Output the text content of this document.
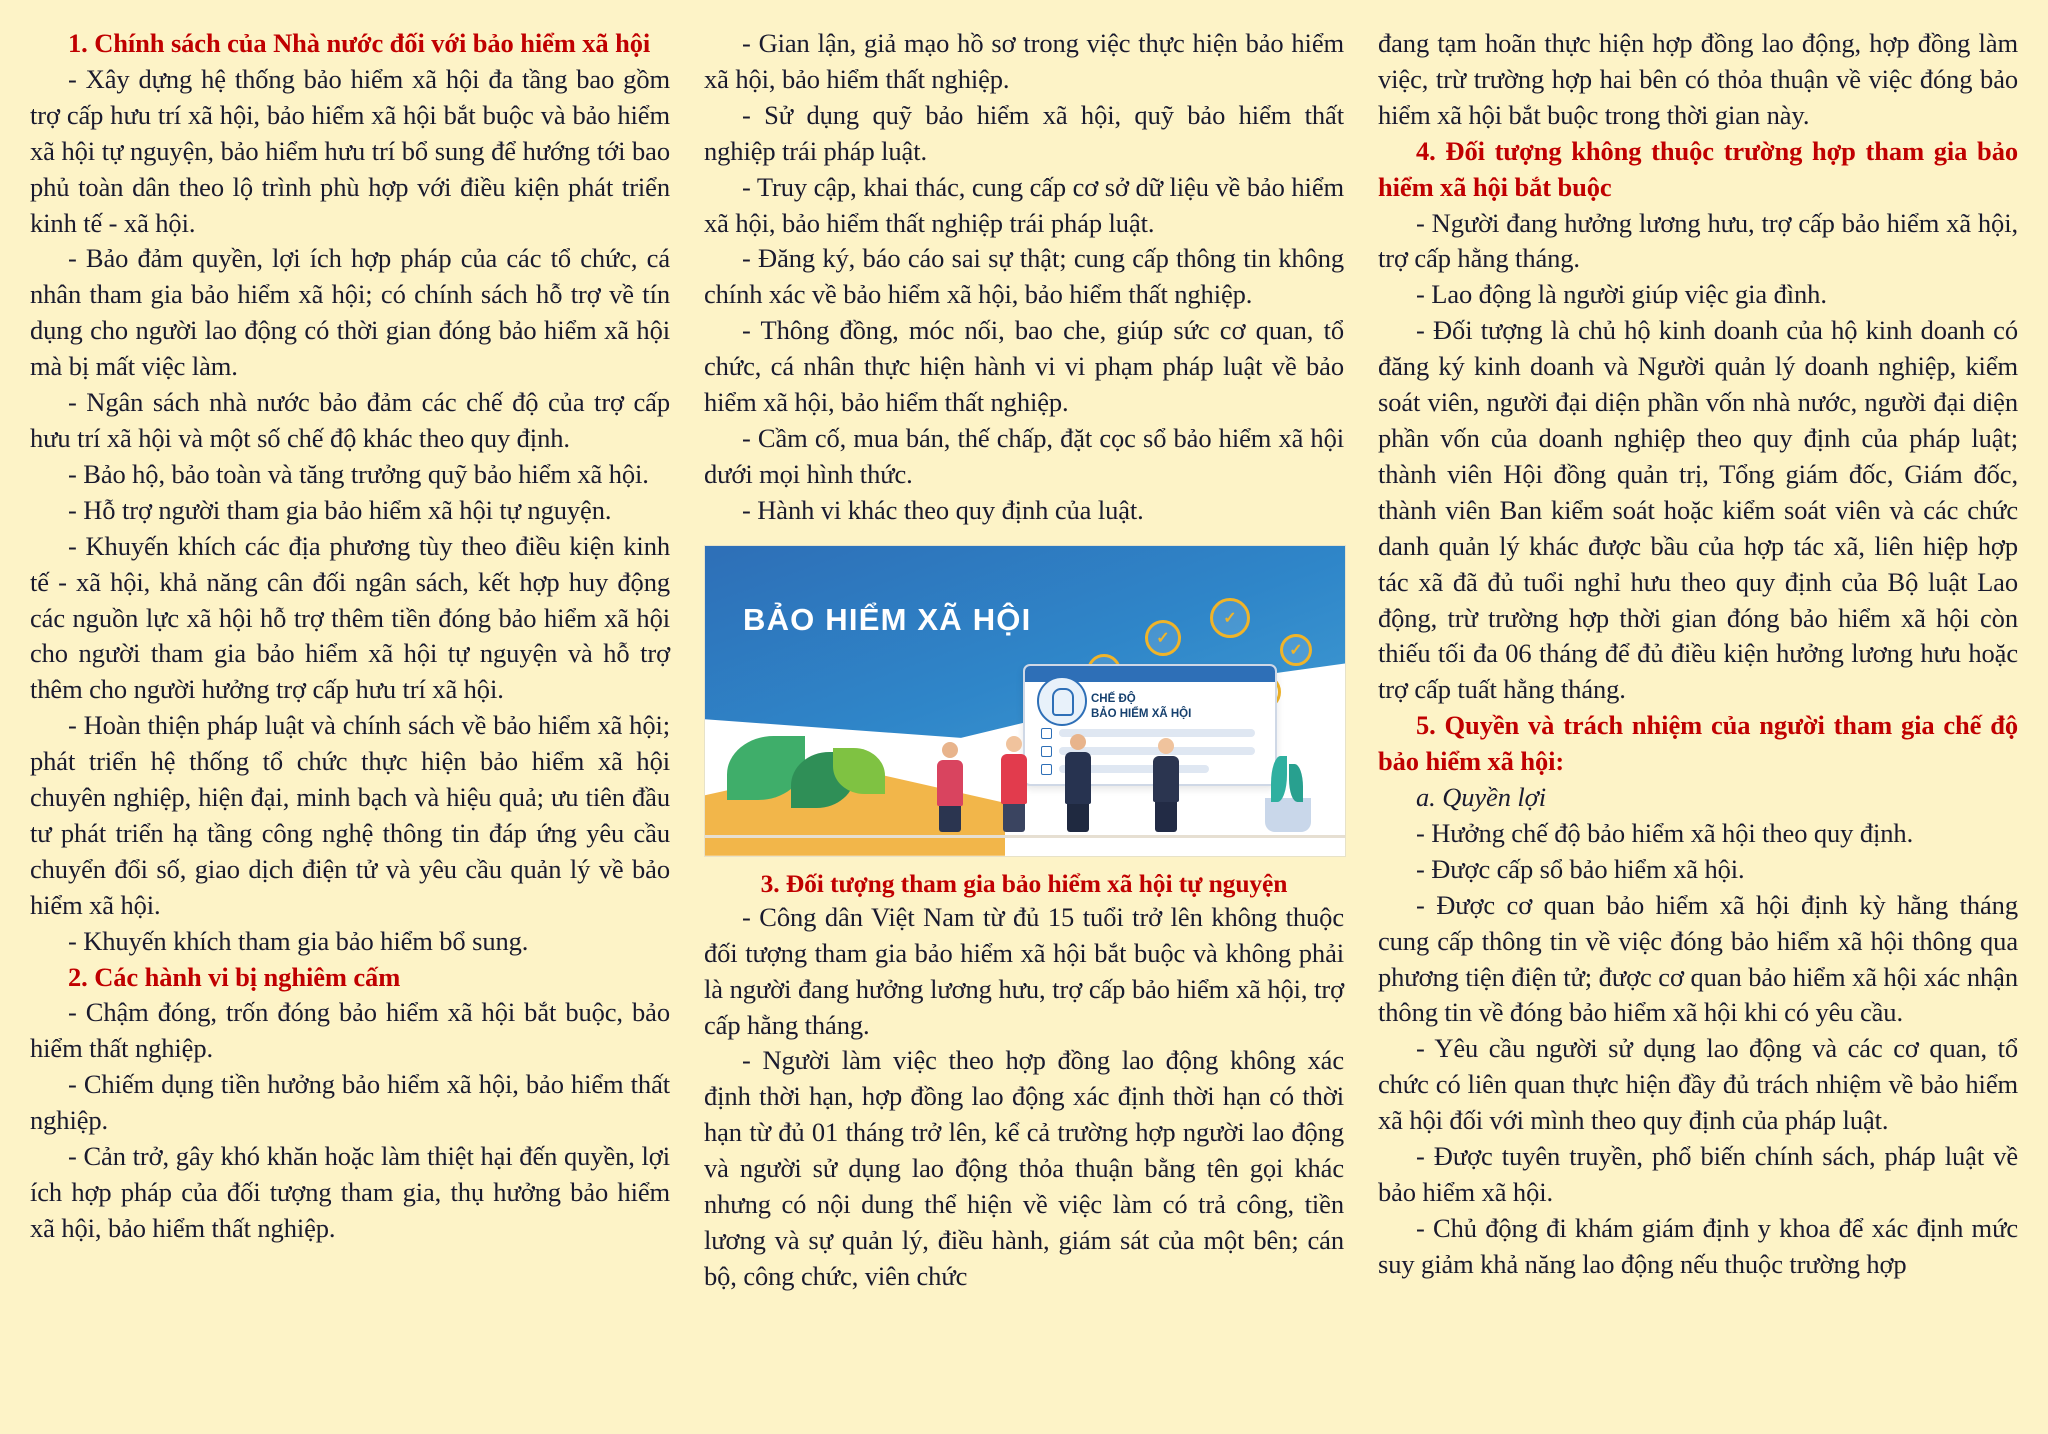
1. Chính sách của Nhà nước đối với bảo hiểm xã hội

- Xây dựng hệ thống bảo hiểm xã hội đa tầng bao gồm trợ cấp hưu trí xã hội, bảo hiểm xã hội bắt buộc và bảo hiểm xã hội tự nguyện, bảo hiểm hưu trí bổ sung để hướng tới bao phủ toàn dân theo lộ trình phù hợp với điều kiện phát triển kinh tế - xã hội.

- Bảo đảm quyền, lợi ích hợp pháp của các tổ chức, cá nhân tham gia bảo hiểm xã hội; có chính sách hỗ trợ về tín dụng cho người lao động có thời gian đóng bảo hiểm xã hội mà bị mất việc làm.

- Ngân sách nhà nước bảo đảm các chế độ của trợ cấp hưu trí xã hội và một số chế độ khác theo quy định.

- Bảo hộ, bảo toàn và tăng trưởng quỹ bảo hiểm xã hội.

- Hỗ trợ người tham gia bảo hiểm xã hội tự nguyện.

- Khuyến khích các địa phương tùy theo điều kiện kinh tế - xã hội, khả năng cân đối ngân sách, kết hợp huy động các nguồn lực xã hội hỗ trợ thêm tiền đóng bảo hiểm xã hội cho người tham gia bảo hiểm xã hội tự nguyện và hỗ trợ thêm cho người hưởng trợ cấp hưu trí xã hội.

- Hoàn thiện pháp luật và chính sách về bảo hiểm xã hội; phát triển hệ thống tổ chức thực hiện bảo hiểm xã hội chuyên nghiệp, hiện đại, minh bạch và hiệu quả; ưu tiên đầu tư phát triển hạ tầng công nghệ thông tin đáp ứng yêu cầu chuyển đổi số, giao dịch điện tử và yêu cầu quản lý về bảo hiểm xã hội.

- Khuyến khích tham gia bảo hiểm bổ sung.

2. Các hành vi bị nghiêm cấm

- Chậm đóng, trốn đóng bảo hiểm xã hội bắt buộc, bảo hiểm thất nghiệp.

- Chiếm dụng tiền hưởng bảo hiểm xã hội, bảo hiểm thất nghiệp.

- Cản trở, gây khó khăn hoặc làm thiệt hại đến quyền, lợi ích hợp pháp của đối tượng tham gia, thụ hưởng bảo hiểm xã hội, bảo hiểm thất nghiệp.

- Gian lận, giả mạo hồ sơ trong việc thực hiện bảo hiểm xã hội, bảo hiểm thất nghiệp.

- Sử dụng quỹ bảo hiểm xã hội, quỹ bảo hiểm thất nghiệp trái pháp luật.

- Truy cập, khai thác, cung cấp cơ sở dữ liệu về bảo hiểm xã hội, bảo hiểm thất nghiệp trái pháp luật.

- Đăng ký, báo cáo sai sự thật; cung cấp thông tin không chính xác về bảo hiểm xã hội, bảo hiểm thất nghiệp.

- Thông đồng, móc nối, bao che, giúp sức cơ quan, tổ chức, cá nhân thực hiện hành vi vi phạm pháp luật về bảo hiểm xã hội, bảo hiểm thất nghiệp.

- Cầm cố, mua bán, thế chấp, đặt cọc sổ bảo hiểm xã hội dưới mọi hình thức.

- Hành vi khác theo quy định của luật.

BẢO HIỂM XÃ HỘI
✓
✓
✓
✓
✓
CHẾ ĐỘ
BẢO HIỂM XÃ HỘI

3. Đối tượng tham gia bảo hiểm xã hội tự nguyện

- Công dân Việt Nam từ đủ 15 tuổi trở lên không thuộc đối tượng tham gia bảo hiểm xã hội bắt buộc và không phải là người đang hưởng lương hưu, trợ cấp bảo hiểm xã hội, trợ cấp hằng tháng.

- Người làm việc theo hợp đồng lao động không xác định thời hạn, hợp đồng lao động xác định thời hạn có thời hạn từ đủ 01 tháng trở lên, kể cả trường hợp người lao động và người sử dụng lao động thỏa thuận bằng tên gọi khác nhưng có nội dung thể hiện về việc làm có trả công, tiền lương và sự quản lý, điều hành, giám sát của một bên; cán bộ, công chức, viên chức

đang tạm hoãn thực hiện hợp đồng lao động, hợp đồng làm việc, trừ trường hợp hai bên có thỏa thuận về việc đóng bảo hiểm xã hội bắt buộc trong thời gian này.

4. Đối tượng không thuộc trường hợp tham gia bảo hiểm xã hội bắt buộc

- Người đang hưởng lương hưu, trợ cấp bảo hiểm xã hội, trợ cấp hằng tháng.

- Lao động là người giúp việc gia đình.

- Đối tượng là chủ hộ kinh doanh của hộ kinh doanh có đăng ký kinh doanh và Người quản lý doanh nghiệp, kiểm soát viên, người đại diện phần vốn nhà nước, người đại diện phần vốn của doanh nghiệp theo quy định của pháp luật; thành viên Hội đồng quản trị, Tổng giám đốc, Giám đốc, thành viên Ban kiểm soát hoặc kiểm soát viên và các chức danh quản lý khác được bầu của hợp tác xã, liên hiệp hợp tác xã đã đủ tuổi nghỉ hưu theo quy định của Bộ luật Lao động, trừ trường hợp thời gian đóng bảo hiểm xã hội còn thiếu tối đa 06 tháng để đủ điều kiện hưởng lương hưu hoặc trợ cấp tuất hằng tháng.

5. Quyền và trách nhiệm của người tham gia chế độ bảo hiểm xã hội:

a. Quyền lợi

- Hưởng chế độ bảo hiểm xã hội theo quy định.

- Được cấp sổ bảo hiểm xã hội.

- Được cơ quan bảo hiểm xã hội định kỳ hằng tháng cung cấp thông tin về việc đóng bảo hiểm xã hội thông qua phương tiện điện tử; được cơ quan bảo hiểm xã hội xác nhận thông tin về đóng bảo hiểm xã hội khi có yêu cầu.

- Yêu cầu người sử dụng lao động và các cơ quan, tổ chức có liên quan thực hiện đầy đủ trách nhiệm về bảo hiểm xã hội đối với mình theo quy định của pháp luật.

- Được tuyên truyền, phổ biến chính sách, pháp luật về bảo hiểm xã hội.

- Chủ động đi khám giám định y khoa để xác định mức suy giảm khả năng lao động nếu thuộc trường hợp
